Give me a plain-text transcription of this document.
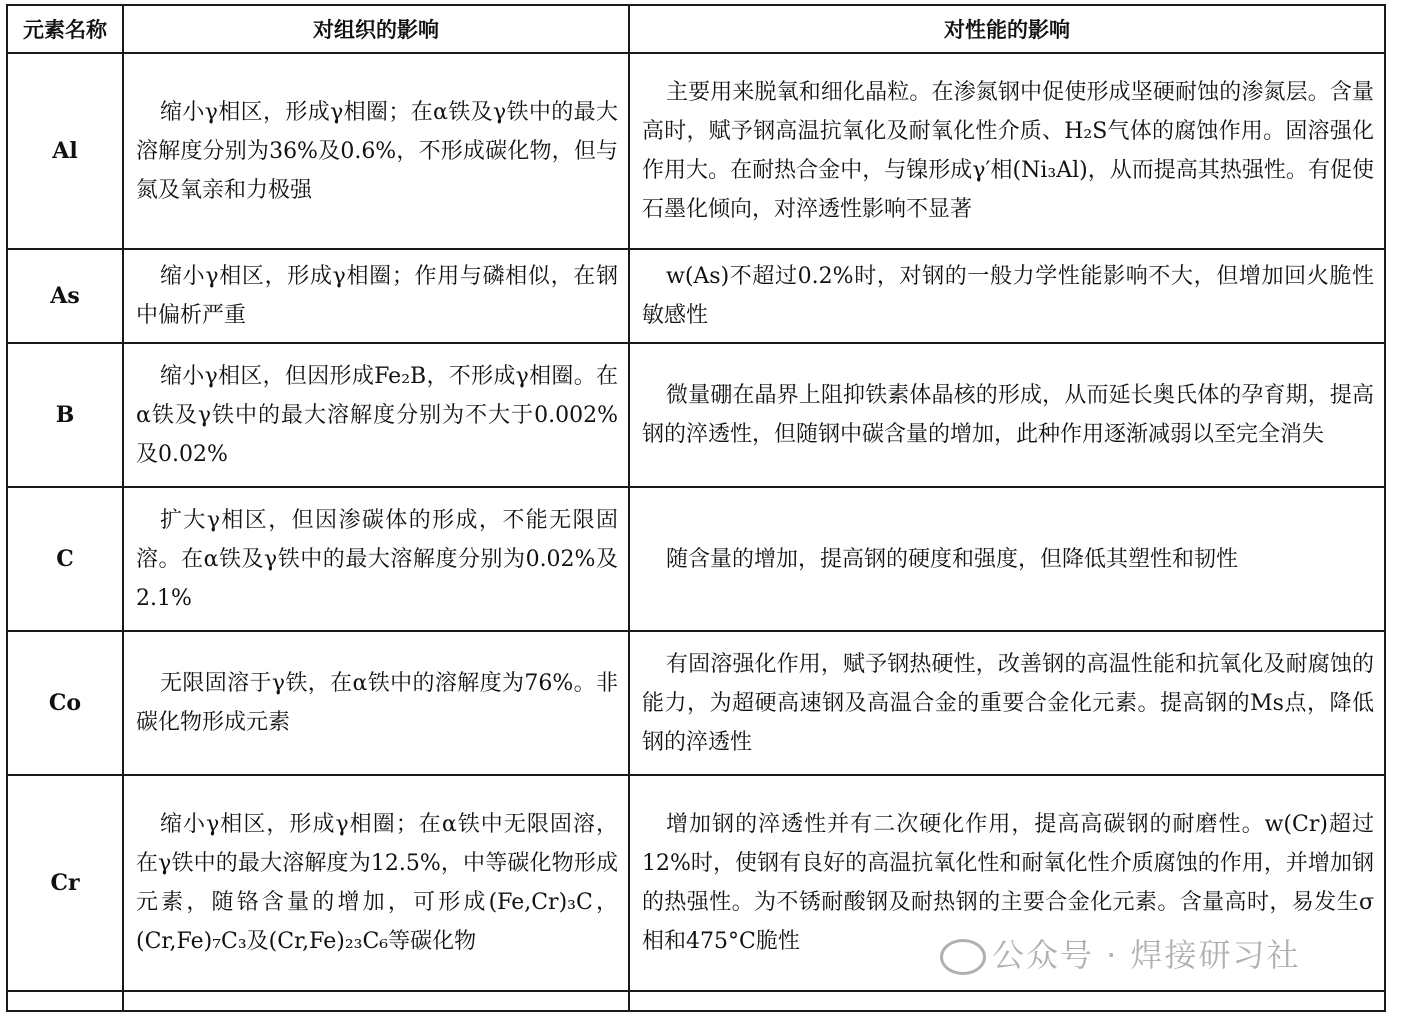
元素名称	对组织的影响	对性能的影响
Al	缩小γ相区，形成γ相圈；在α铁及γ铁中的最大溶解度分别为36%及0.6%，不形成碳化物，但与氮及氧亲和力极强	主要用来脱氧和细化晶粒。在渗氮钢中促使形成坚硬耐蚀的渗氮层。含量高时，赋予钢高温抗氧化及耐氧化性介质、H₂S气体的腐蚀作用。固溶强化作用大。在耐热合金中，与镍形成γ′相(Ni₃Al)，从而提高其热强性。有促使石墨化倾向，对淬透性影响不显著
As	缩小γ相区，形成γ相圈；作用与磷相似，在钢中偏析严重	w(As)不超过0.2%时，对钢的一般力学性能影响不大，但增加回火脆性敏感性
B	缩小γ相区，但因形成Fe₂B，不形成γ相圈。在α铁及γ铁中的最大溶解度分别为不大于0.002%及0.02%	微量硼在晶界上阻抑铁素体晶核的形成，从而延长奥氏体的孕育期，提高钢的淬透性，但随钢中碳含量的增加，此种作用逐渐减弱以至完全消失
C	扩大γ相区，但因渗碳体的形成，不能无限固溶。在α铁及γ铁中的最大溶解度分别为0.02%及2.1%	随含量的增加，提高钢的硬度和强度，但降低其塑性和韧性
Co	无限固溶于γ铁，在α铁中的溶解度为76%。非碳化物形成元素	有固溶强化作用，赋予钢热硬性，改善钢的高温性能和抗氧化及耐腐蚀的能力，为超硬高速钢及高温合金的重要合金化元素。提高钢的Ms点，降低钢的淬透性
Cr	缩小γ相区，形成γ相圈；在α铁中无限固溶，在γ铁中的最大溶解度为12.5%，中等碳化物形成元素，随铬含量的增加，可形成(Fe,Cr)₃C，(Cr,Fe)₇C₃及(Cr,Fe)₂₃C₆等碳化物	增加钢的淬透性并有二次硬化作用，提高高碳钢的耐磨性。w(Cr)超过12%时，使钢有良好的高温抗氧化性和耐氧化性介质腐蚀的作用，并增加钢的热强性。为不锈耐酸钢及耐热钢的主要合金化元素。含量高时，易发生σ相和475°C脆性
			公众号 · 焊接研习社
